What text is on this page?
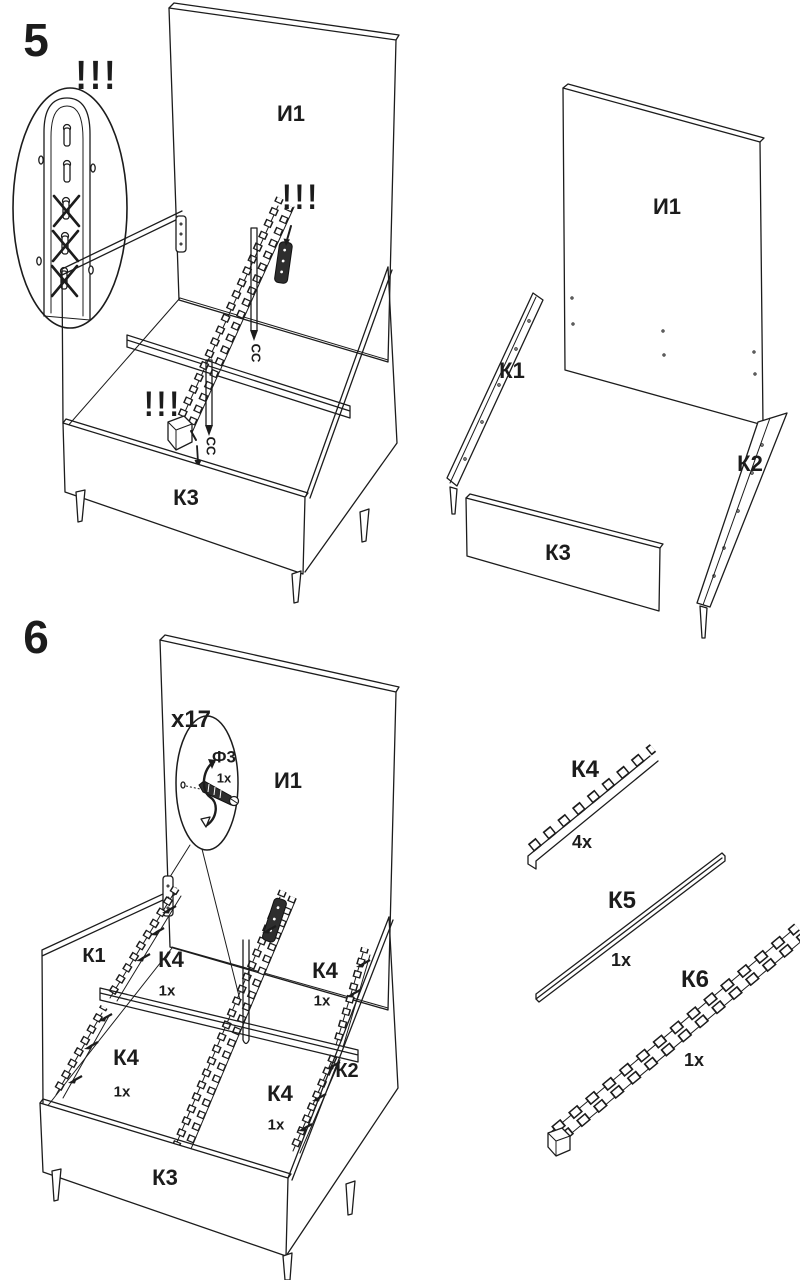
5
!!!
И1
!!!
!!!
CC
CC
К3
И1
К1
К2
К3
6
x17
Ф3
1x И1
К1 К4
1x
К4
1x
К4
1x	К4
1x
К2
К3
К4
4x
К5
1x
К6
1x
